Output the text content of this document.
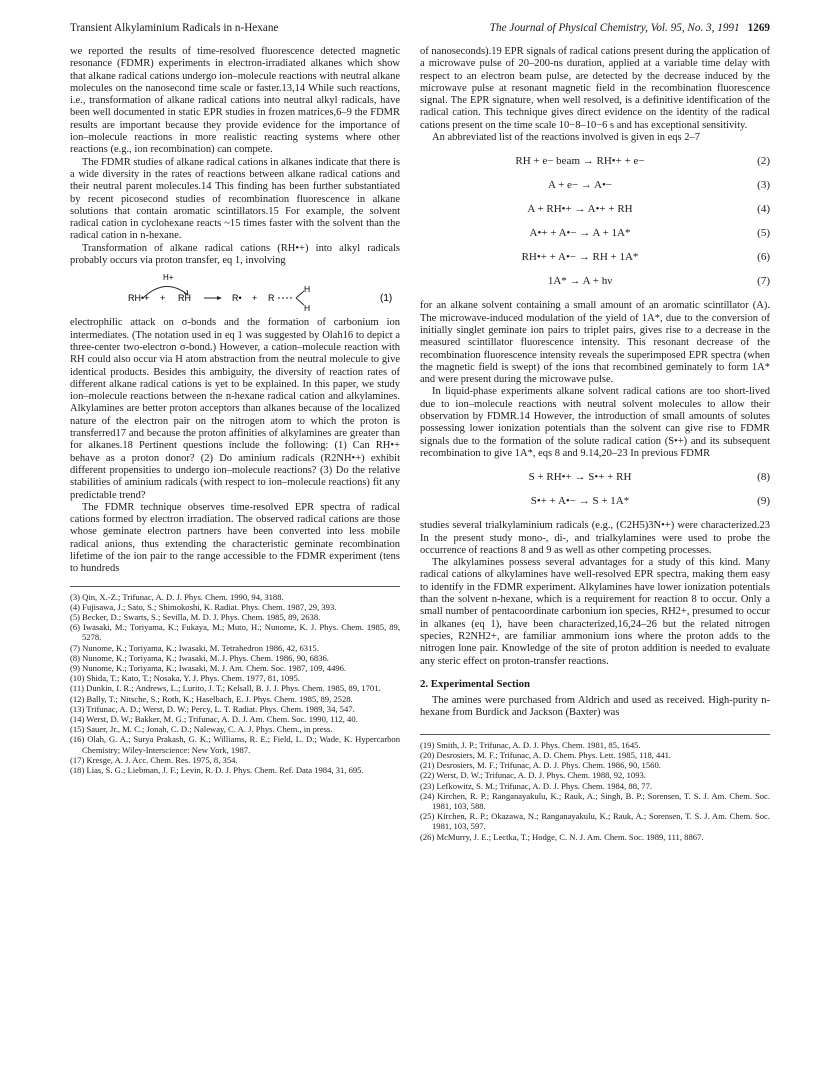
Transient Alkylaminium Radicals in n-Hexane	The Journal of Physical Chemistry, Vol. 95, No. 3, 1991 1269

we reported the results of time-resolved fluorescence detected magnetic resonance (FDMR) experiments in electron-irradiated alkanes which show that alkane radical cations undergo ion–molecule reactions with neutral alkane molecules on the nanosecond time scale or faster.13,14 While such reactions, i.e., transformation of alkane radical cations into neutral alkyl radicals, have been well documented in static EPR studies in frozen matrices,6–9 the FDMR results are important because they provide evidence for the importance of ion–molecule reactions in more realistic reacting systems where other reactions (e.g., ion recombination) can compete.

The FDMR studies of alkane radical cations in alkanes indicate that there is a wide diversity in the rates of reactions between alkane radical cations and their neutral parent molecules.14 This finding has been further substantiated by recent picosecond studies of recombination fluorescence in alkane solutions that contain aromatic scintillators.15 For example, the solvent radical cation in cyclohexane reacts ~15 times faster with the solvent than the radical cation in n-hexane.

Transformation of alkane radical cations (RH•+) into alkyl radicals probably occurs via proton transfer, eq 1, involving

H+
RH•+ + RH	R• + R
H
H
(1)

electrophilic attack on σ-bonds and the formation of carbonium ion intermediates. (The notation used in eq 1 was suggested by Olah16 to depict a three-center two-electron σ-bond.) However, a cation–molecule reaction with RH could also occur via H atom abstraction from the neutral molecule to give identical products. Besides this ambiguity, the diversity of reaction rates of different alkane radical cations is yet to be explained. In this paper, we study ion–molecule reactions between the n-hexane radical cation and alkylamines. Alkylamines are better proton acceptors than alkanes because of the localized nature of the electron pair on the nitrogen atom to which the proton is transferred17 and because the proton affinities of alkylamines are greater than for alkanes.18 Pertinent questions include the following: (1) Can RH•+ behave as a proton donor? (2) Do aminium radicals (R2NH•+) exhibit different propensities to undergo ion–molecule reactions? (3) Do the relative stabilities of aminium radicals (with respect to ion–molecule reactions) fit any predictable trend?

The FDMR technique observes time-resolved EPR spectra of radical cations formed by electron irradiation. The observed radical cations are those whose geminate electron partners have been converted into less mobile radical anions, thus extending the characteristic geminate recombination lifetime of the ion pair to the range accessible to the FDMR experiment (tens to hundreds

(3) Qin, X.-Z.; Trifunac, A. D. J. Phys. Chem. 1990, 94, 3188.
(4) Fujisawa, J.; Sato, S.; Shimokoshi, K. Radiat. Phys. Chem. 1987, 29, 393.
(5) Becker, D.; Swarts, S.; Sevilla, M. D. J. Phys. Chem. 1985, 89, 2638.
(6) Iwasaki, M.; Toriyama, K.; Fukaya, M.; Muto, H.; Nunome, K. J. Phys. Chem. 1985, 89, 5278.
(7) Nunome, K.; Toriyama, K.; Iwasaki, M. Tetrahedron 1986, 42, 6315.
(8) Nunome, K.; Toriyama, K.; Iwasaki, M. J. Phys. Chem. 1986, 90, 6836.
(9) Nunome, K.; Toriyama, K.; Iwasaki, M. J. Am. Chem. Soc. 1987, 109, 4496.
(10) Shida, T.; Kato, T.; Nosaka, Y. J. Phys. Chem. 1977, 81, 1095.
(11) Dunkin, I. R.; Andrews, L.; Lurito, J. T.; Kelsall, B. J. J. Phys. Chem. 1985, 89, 1701.
(12) Bally, T.; Nitsche, S.; Roth, K.; Haselbach, E. J. Phys. Chem. 1985, 89, 2528.
(13) Trifunac, A. D.; Werst, D. W.; Percy, L. T. Radiat. Phys. Chem. 1989, 34, 547.
(14) Werst, D. W.; Bakker, M. G.; Trifunac, A. D. J. Am. Chem. Soc. 1990, 112, 40.
(15) Sauer, Jr., M. C.; Jonah, C. D.; Naleway, C. A. J. Phys. Chem., in press.
(16) Olah, G. A.; Surya Prakash, G. K.; Williams, R. E.; Field, L. D.; Wade, K. Hypercarbon Chemistry; Wiley-Interscience: New York, 1987.
(17) Kresge, A. J. Acc. Chem. Res. 1975, 8, 354.
(18) Lias, S. G.; Liebman, J. F.; Levin, R. D. J. Phys. Chem. Ref. Data 1984, 31, 695.

of nanoseconds).19 EPR signals of radical cations present during the application of a microwave pulse of 20–200-ns duration, applied at a variable time delay with respect to an electron beam pulse, are detected by the decrease induced by the microwave pulse at resonant magnetic field in the recombination fluorescence signal. The EPR signature, when well resolved, is a definitive identification of the radical cation. This technique gives direct evidence on the identity of the radical cations present on the time scale 10−8–10−6 s and has exceptional sensitivity.

An abbreviated list of the reactions involved is given in eqs 2–7

RH + e− beam → RH•+ + e−	(2)
A + e− → A•−	(3)
A + RH•+ → A•+ + RH	(4)
A•+ + A•− → A + 1A*	(5)
RH•+ + A•− → RH + 1A*	(6)
1A* → A + hν	(7)

for an alkane solvent containing a small amount of an aromatic scintillator (A). The microwave-induced modulation of the yield of 1A*, due to the conversion of initially singlet geminate ion pairs to triplet pairs, gives rise to a decrease in the measured scintillator fluorescence intensity. This resonant decrease of the recombination fluorescence intensity reveals the superimposed EPR spectra (when the magnetic field is swept) of the ions that recombined geminately to form 1A* and were present during the microwave pulse.

In liquid-phase experiments alkane solvent radical cations are too short-lived due to ion–molecule reactions with neutral solvent molecules to allow their observation by FDMR.14 However, the introduction of small amounts of solutes possessing lower ionization potentials than the solvent can give rise to FDMR signals due to the formation of the solute radical cation (S•+) and its subsequent recombination to give 1A*, eqs 8 and 9.14,20–23 In previous FDMR

S + RH•+ → S•+ + RH	(8)
S•+ + A•− → S + 1A*	(9)

studies several trialkylaminium radicals (e.g., (C2H5)3N•+) were characterized.23 In the present study mono-, di-, and trialkylamines were used to probe the occurrence of reactions 8 and 9 as well as other competing processes.

The alkylamines possess several advantages for a study of this kind. Many radical cations of alkylamines have well-resolved EPR spectra, making them easy to identify in the FDMR experiment. Alkylamines have lower ionization potentials than the solvent n-hexane, which is a requirement for reaction 8 to occur. Only a small number of pentacoordinate carbonium ion species, RH2+, presumed to occur in alkanes (eq 1), have been characterized,16,24–26 but the related nitrogen species, R2NH2+, are familiar ammonium ions where the proton adds to the nitrogen lone pair. Knowledge of the site of proton addition is needed to evaluate any steric effect on proton-transfer reactions.

2. Experimental Section

The amines were purchased from Aldrich and used as received. High-purity n-hexane from Burdick and Jackson (Baxter) was

(19) Smith, J. P.; Trifunac, A. D. J. Phys. Chem. 1981, 85, 1645.
(20) Desrosiers, M. F.; Trifunac, A. D. Chem. Phys. Lett. 1985, 118, 441.
(21) Desrosiers, M. F.; Trifunac, A. D. J. Phys. Chem. 1986, 90, 1560.
(22) Werst, D. W.; Trifunac, A. D. J. Phys. Chem. 1988, 92, 1093.
(23) Lefkowitz, S. M.; Trifunac, A. D. J. Phys. Chem. 1984, 88, 77.
(24) Kirchen, R. P.; Ranganayakulu, K.; Rauk, A.; Singh, B. P.; Sorensen, T. S. J. Am. Chem. Soc. 1981, 103, 588.
(25) Kirchen, R. P.; Okazawa, N.; Ranganayakulu, K.; Rauk, A.; Sorensen, T. S. J. Am. Chem. Soc. 1981, 103, 597.
(26) McMurry, J. E.; Lectka, T.; Hodge, C. N. J. Am. Chem. Soc. 1989, 111, 8867.
